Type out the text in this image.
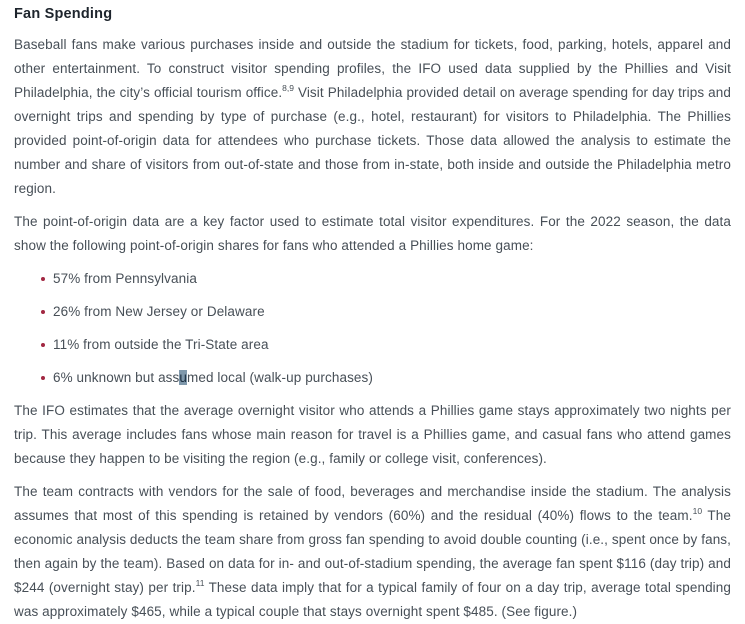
Fan Spending

Baseball fans make various purchases inside and outside the stadium for tickets, food, parking, hotels, apparel and other entertainment. To construct visitor spending profiles, the IFO used data supplied by the Phillies and Visit Philadelphia, the city’s official tourism office.$^{8,9}$ Visit Philadelphia provided detail on average spending for day trips and overnight trips and spending by type of purchase (e.g., hotel, restaurant) for visitors to Philadelphia. The Phillies provided point-of-origin data for attendees who purchase tickets. Those data allowed the analysis to estimate the number and share of visitors from out-of-state and those from in-state, both inside and outside the Philadelphia metro region.

The point-of-origin data are a key factor used to estimate total visitor expenditures. For the 2022 season, the data show the following point-of-origin shares for fans who attended a Phillies home game:

57% from Pennsylvania
26% from New Jersey or Delaware
11% from outside the Tri-State area
6% unknown but assumed local (walk-up purchases)

The IFO estimates that the average overnight visitor who attends a Phillies game stays approximately two nights per trip. This average includes fans whose main reason for travel is a Phillies game, and casual fans who attend games because they happen to be visiting the region (e.g., family or college visit, conferences).

The team contracts with vendors for the sale of food, beverages and merchandise inside the stadium. The analysis assumes that most of this spending is retained by vendors (60%) and the residual (40%) flows to the team.$^{10}$ The economic analysis deducts the team share from gross fan spending to avoid double counting (i.e., spent once by fans, then again by the team). Based on data for in- and out-of-stadium spending, the average fan spent $116 (day trip) and $244 (overnight stay) per trip.$^{11}$ These data imply that for a typical family of four on a day trip, average total spending was approximately $465, while a typical couple that stays overnight spent $485. (See figure.)
